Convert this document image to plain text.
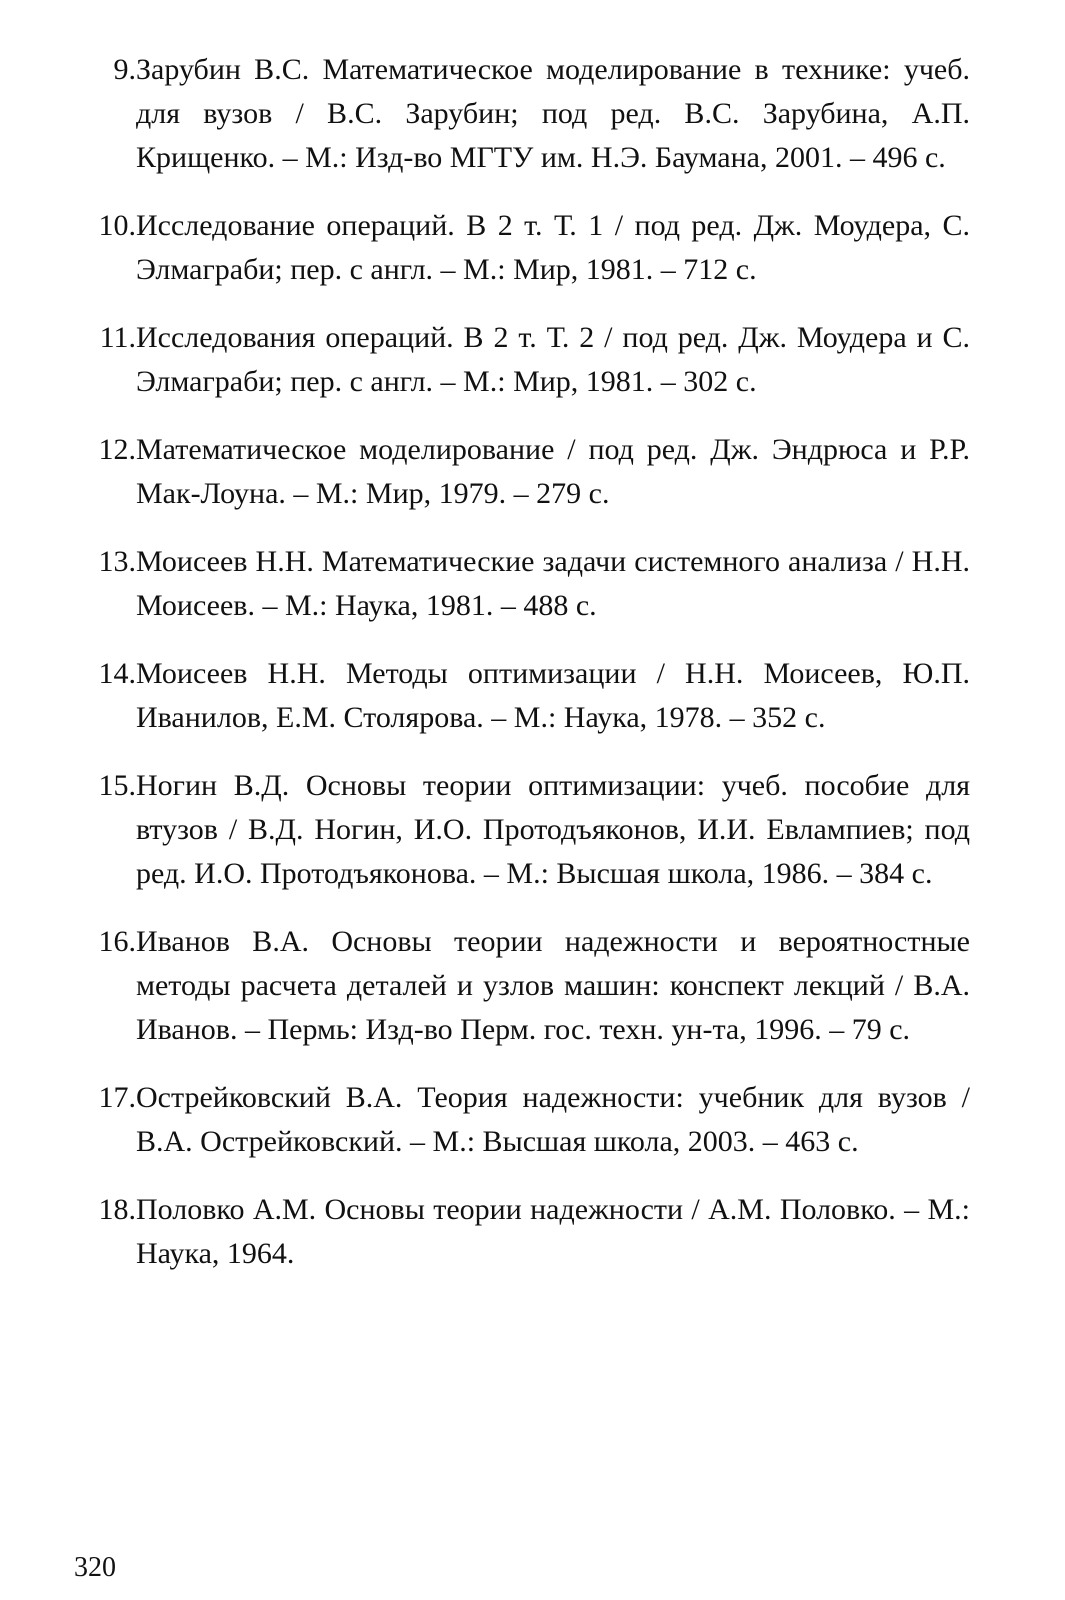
9. Зарубин В.С. Математическое моделирование в технике: учеб. для вузов / В.С. Зарубин; под ред. В.С. Зарубина, А.П. Крищенко. – М.: Изд-во МГТУ им. Н.Э. Баумана, 2001. – 496 с.
10. Исследование операций. В 2 т. Т. 1 / под ред. Дж. Моудера, С. Элмаграби; пер. с англ. – М.: Мир, 1981. – 712 с.
11. Исследования операций. В 2 т. Т. 2 / под ред. Дж. Моудера и С. Элмаграби; пер. с англ. – М.: Мир, 1981. – 302 с.
12. Математическое моделирование / под ред. Дж. Эндрюса и Р.Р. Мак-Лоуна. – М.: Мир, 1979. – 279 с.
13. Моисеев Н.Н. Математические задачи системного анализа / Н.Н. Моисеев. – М.: Наука, 1981. – 488 с.
14. Моисеев Н.Н. Методы оптимизации / Н.Н. Моисеев, Ю.П. Иванилов, Е.М. Столярова. – М.: Наука, 1978. – 352 с.
15. Ногин В.Д. Основы теории оптимизации: учеб. пособие для втузов / В.Д. Ногин, И.О. Протодъяконов, И.И. Евлампиев; под ред. И.О. Протодъяконова. – М.: Высшая школа, 1986. – 384 с.
16. Иванов В.А. Основы теории надежности и вероятностные методы расчета деталей и узлов машин: конспект лекций / В.А. Иванов. – Пермь: Изд-во Перм. гос. техн. ун-та, 1996. – 79 с.
17. Острейковский В.А. Теория надежности: учебник для вузов / В.А. Острейковский. – М.: Высшая школа, 2003. – 463 с.
18. Половко А.М. Основы теории надежности / А.М. Половко. – М.: Наука, 1964.
320
